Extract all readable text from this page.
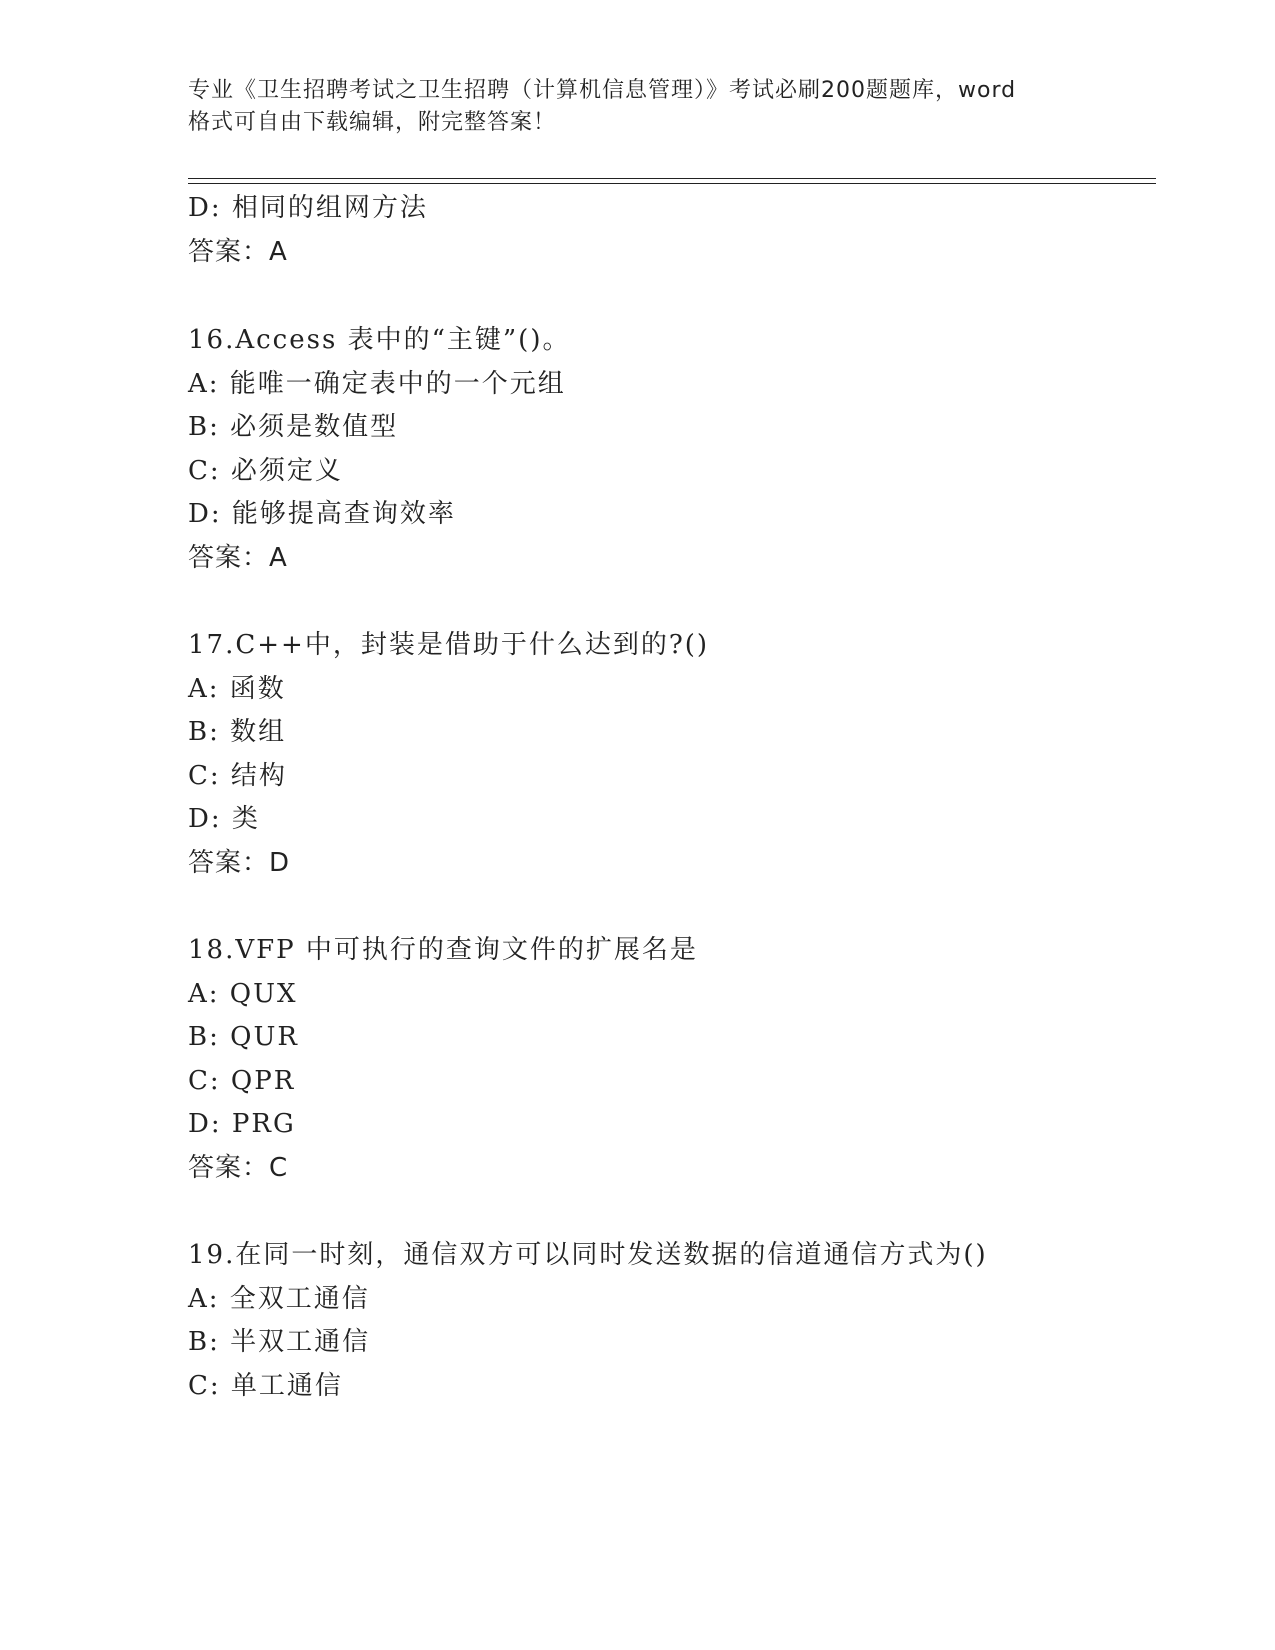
专业《卫生招聘考试之卫生招聘（计算机信息管理）》考试必刷200题题库，word
格式可自由下载编辑，附完整答案！
D: 相同的组网方法
答案：A
16.Access 表中的“主键”()。
A: 能唯一确定表中的一个元组
B: 必须是数值型
C: 必须定义
D: 能够提高查询效率
答案：A
17.C++中，封装是借助于什么达到的?()
A: 函数
B: 数组
C: 结构
D: 类
答案：D
18.VFP 中可执行的查询文件的扩展名是
A: QUX
B: QUR
C: QPR
D: PRG
答案：C
19.在同一时刻，通信双方可以同时发送数据的信道通信方式为()
A: 全双工通信
B: 半双工通信
C: 单工通信
